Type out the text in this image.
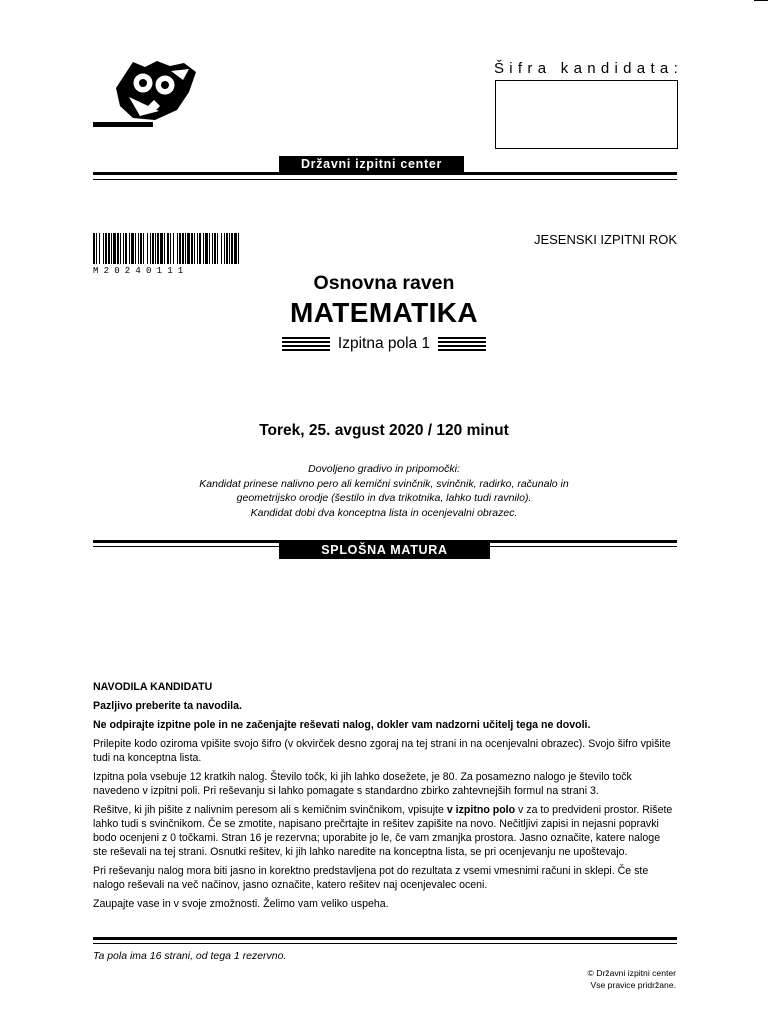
Šifra kandidata:
Državni izpitni center
M20240111
JESENSKI IZPITNI ROK
Osnovna raven
MATEMATIKA
Izpitna pola 1
Torek, 25. avgust 2020 / 120 minut
Dovoljeno gradivo in pripomočki:
Kandidat prinese nalivno pero ali kemični svinčnik, svinčnik, radirko, računalo in
geometrijsko orodje (šestilo in dva trikotnika, lahko tudi ravnilo).
Kandidat dobi dva konceptna lista in ocenjevalni obrazec.
SPLOŠNA MATURA

NAVODILA KANDIDATU

Pazljivo preberite ta navodila.

Ne odpirajte izpitne pole in ne začenjajte reševati nalog, dokler vam nadzorni učitelj tega ne dovoli.

Prilepite kodo oziroma vpišite svojo šifro (v okvirček desno zgoraj na tej strani in na ocenjevalni obrazec). Svojo šifro vpišite tudi na konceptna lista.

Izpitna pola vsebuje 12 kratkih nalog. Število točk, ki jih lahko dosežete, je 80. Za posamezno nalogo je število točk navedeno v izpitni poli. Pri reševanju si lahko pomagate s standardno zbirko zahtevnejših formul na strani 3.

Rešitve, ki jih pišite z nalivnim peresom ali s kemičnim svinčnikom, vpisujte v izpitno polo v za to predvideni prostor. Rišete lahko tudi s svinčnikom. Če se zmotite, napisano prečrtajte in rešitev zapišite na novo. Nečitljivi zapisi in nejasni popravki bodo ocenjeni z 0 točkami. Stran 16 je rezervna; uporabite jo le, če vam zmanjka prostora. Jasno označite, katere naloge ste reševali na tej strani. Osnutki rešitev, ki jih lahko naredite na konceptna lista, se pri ocenjevanju ne upoštevajo.

Pri reševanju nalog mora biti jasno in korektno predstavljena pot do rezultata z vsemi vmesnimi računi in sklepi. Če ste nalogo reševali na več načinov, jasno označite, katero rešitev naj ocenjevalec oceni.

Zaupajte vase in v svoje zmožnosti. Želimo vam veliko uspeha.

Ta pola ima 16 strani, od tega 1 rezervno.
© Državni izpitni center
Vse pravice pridržane.
